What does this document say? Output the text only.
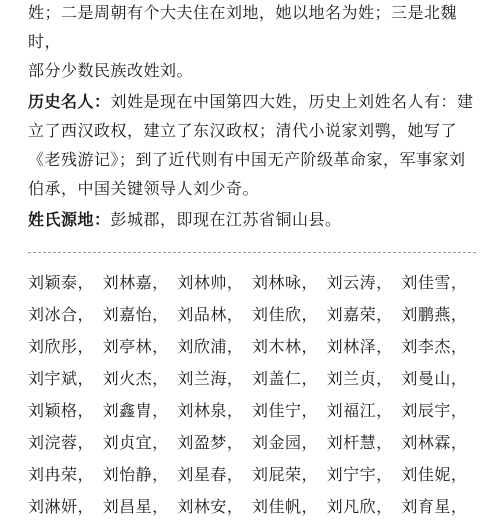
姓；二是周朝有个大夫住在刘地，她以地名为姓；三是北魏时，
部分少数民族改姓刘。

历史名人：刘姓是现在中国第四大姓，历史上刘姓名人有：建立了西汉政权，建立了东汉政权；清代小说家刘鹗，她写了《老残游记》；到了近代则有中国无产阶级革命家，军事家刘伯承，中国关键领导人刘少奇。

姓氏源地：彭城郡，即现在江苏省铜山县。

刘颖泰， 刘林嘉， 刘林帅， 刘林咏， 刘云涛， 刘佳雪，
刘冰合， 刘嘉怡， 刘品林， 刘佳欣， 刘嘉荣， 刘鹏燕，
刘欣彤， 刘亭林， 刘欣浦， 刘木林， 刘林泽， 刘李杰，
刘宇斌， 刘火杰， 刘兰海， 刘盖仁， 刘兰贞， 刘曼山，
刘颖格， 刘鑫胄， 刘林泉， 刘佳宁， 刘福江， 刘辰宇，
刘浣蓉， 刘贞宜， 刘盈梦， 刘金园， 刘杆慧， 刘林霖，
刘冉荣， 刘怡静， 刘星春， 刘屁荣， 刘宁宇， 刘佳妮，
刘淋妍， 刘昌星， 刘林安， 刘佳帆， 刘凡欣， 刘育星，
